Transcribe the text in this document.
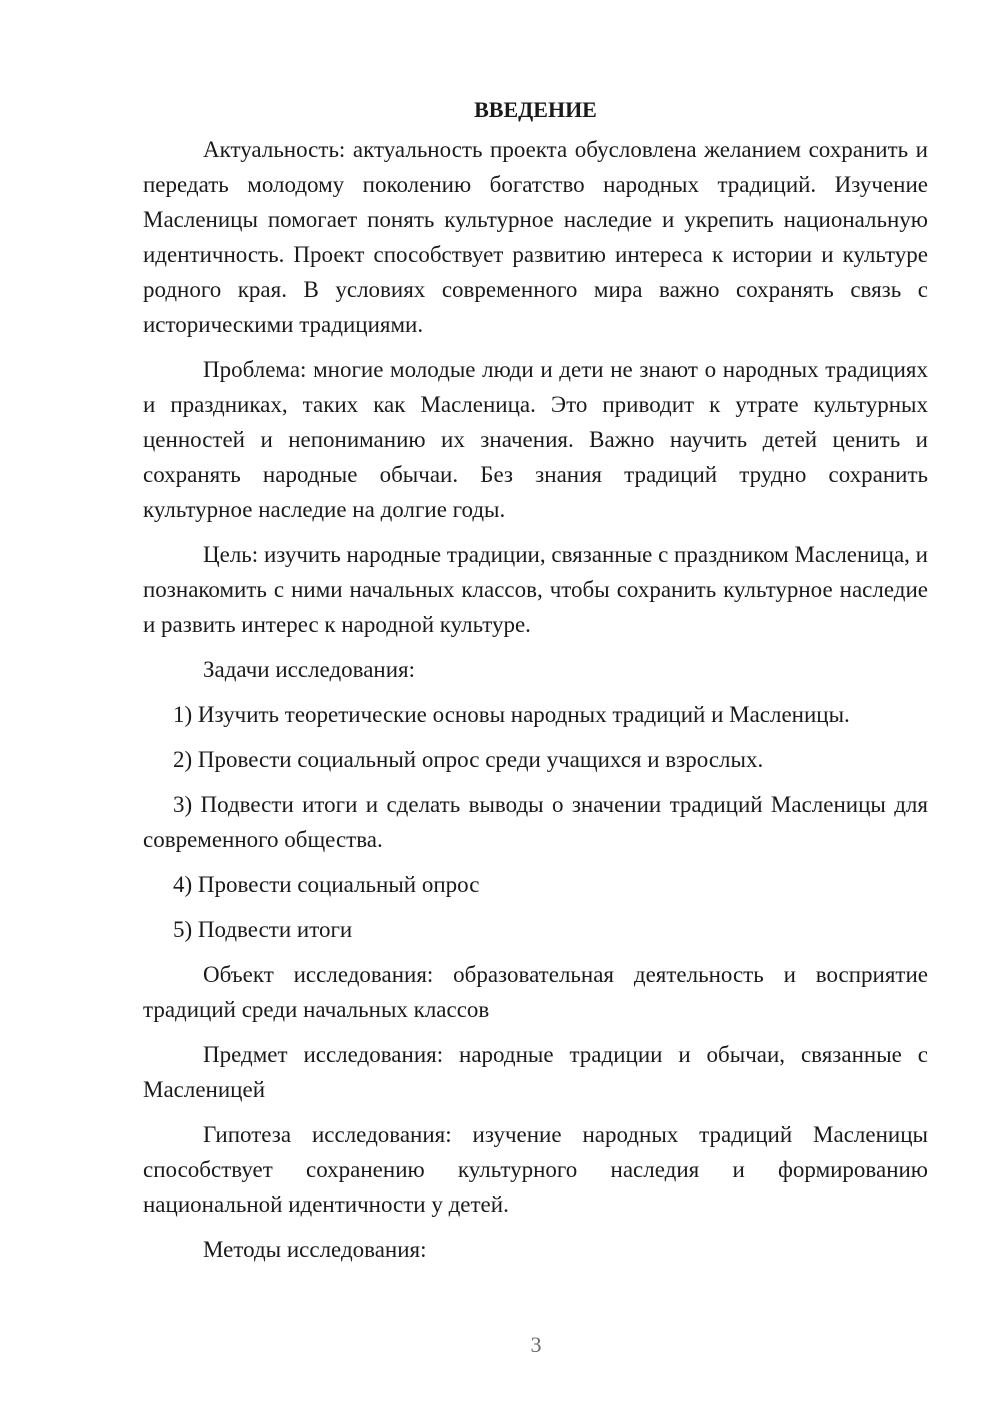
ВВЕДЕНИЕ

Актуальность: актуальность проекта обусловлена желанием сохранить и передать молодому поколению богатство народных традиций. Изучение Масленицы помогает понять культурное наследие и укрепить национальную идентичность. Проект способствует развитию интереса к истории и культуре родного края. В условиях современного мира важно сохранять связь с историческими традициями.

Проблема: многие молодые люди и дети не знают о народных традициях и праздниках, таких как Масленица. Это приводит к утрате культурных ценностей и непониманию их значения. Важно научить детей ценить и сохранять народные обычаи. Без знания традиций трудно сохранить культурное наследие на долгие годы.

Цель: изучить народные традиции, связанные с праздником Масленица, и познакомить с ними начальных классов, чтобы сохранить культурное наследие и развить интерес к народной культуре.

Задачи исследования:

1) Изучить теоретические основы народных традиций и Масленицы.

2) Провести социальный опрос среди учащихся и взрослых.

3) Подвести итоги и сделать выводы о значении традиций Масленицы для современного общества.

4) Провести социальный опрос

5) Подвести итоги

Объект исследования: образовательная деятельность и восприятие традиций среди начальных классов

Предмет исследования: народные традиции и обычаи, связанные с Масленицей

Гипотеза исследования: изучение народных традиций Масленицы способствует сохранению культурного наследия и формированию национальной идентичности у детей.

Методы исследования:

3
